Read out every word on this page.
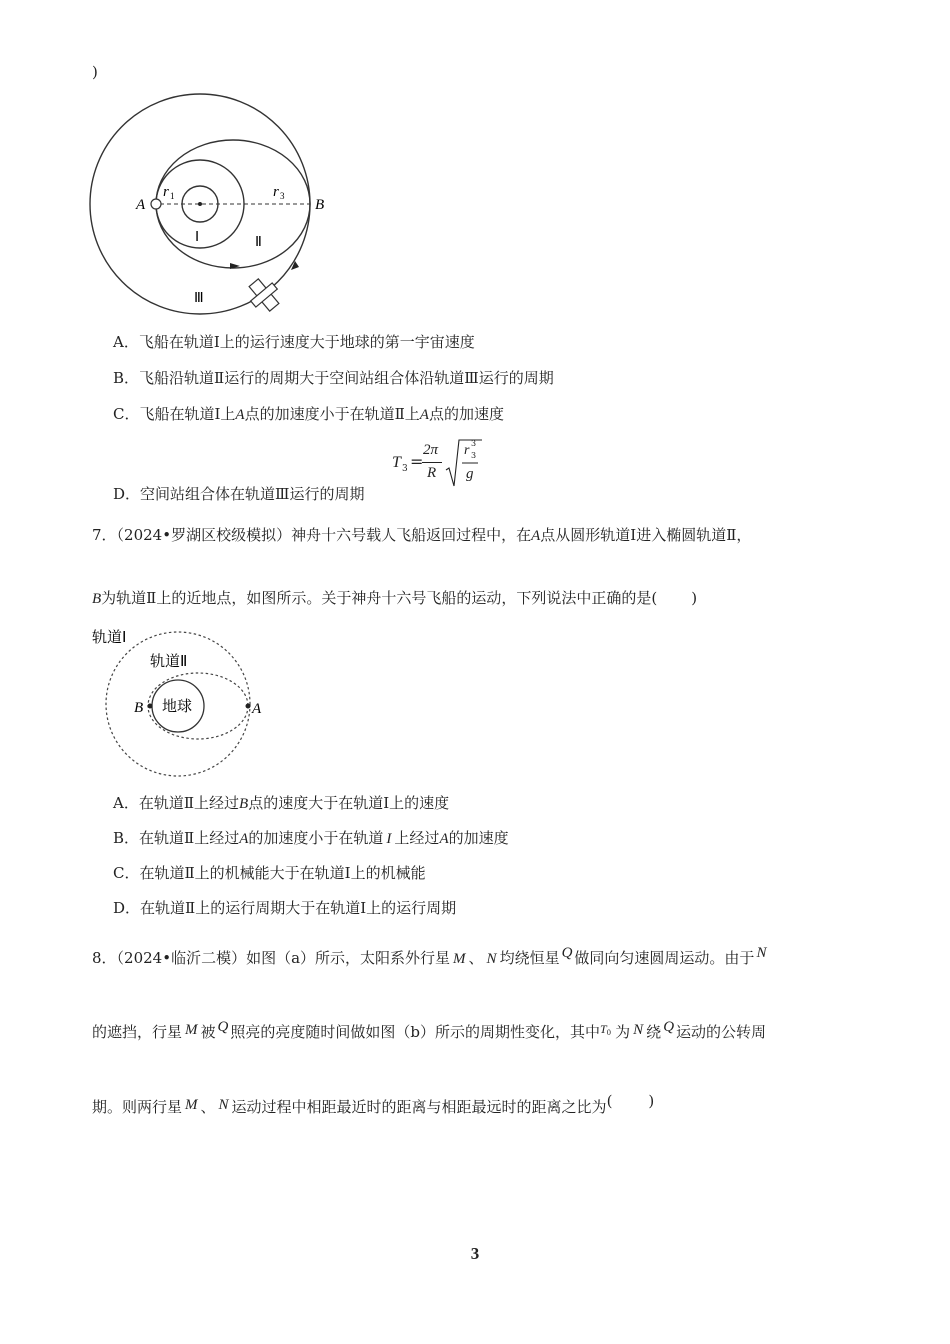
)
A	B
r 1	r 3
Ⅰ	Ⅱ
Ⅲ
A．飞船在轨道Ⅰ上的运行速度大于地球的第一宇宙速度
B．飞船沿轨道Ⅱ运行的周期大于空间站组合体沿轨道Ⅲ运行的周期
C．飞船在轨道Ⅰ上A点的加速度小于在轨道Ⅱ上A点的加速度
T 3 =
2π
R
r 3
3
g
D．空间站组合体在轨道Ⅲ运行的周期
7．（2024•罗湖区校级模拟）神舟十六号载人飞船返回过程中，在A点从圆形轨道Ⅰ进入椭圆轨道Ⅱ，
B为轨道Ⅱ上的近地点，如图所示。关于神舟十六号飞船的运动，下列说法中正确的是( )
轨道Ⅰ
轨道Ⅱ
地球
B	A
A．在轨道Ⅱ上经过B点的速度大于在轨道Ⅰ上的速度
B．在轨道Ⅱ上经过A的加速度小于在轨道 I 上经过A的加速度
C．在轨道Ⅱ上的机械能大于在轨道Ⅰ上的机械能
D．在轨道Ⅱ上的运行周期大于在轨道Ⅰ上的运行周期
8．（2024•临沂二模）如图（a）所示，太阳系外行星 M 、 N 均绕恒星 Q 做同向匀速圆周运动。由于 N
的遮挡，行星 M 被 Q 照亮的亮度随时间做如图（b）所示的周期性变化，其中$^T$0 为 N 绕 Q 运动的公转周
期。则两行星 M 、 N 运动过程中相距最近时的距离与相距最远时的距离之比为( )
3
